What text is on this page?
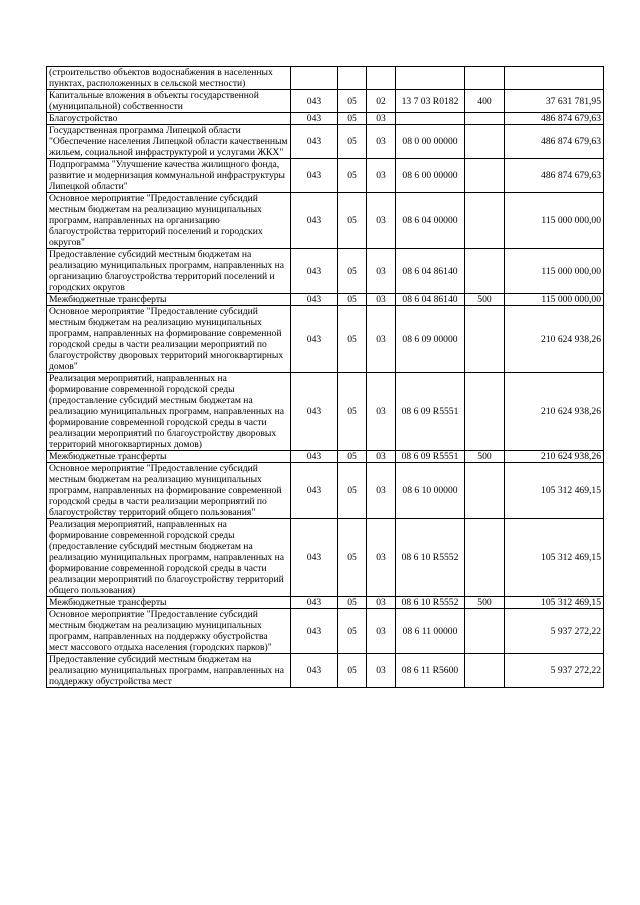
(строительство объектов водоснабжения в населенных пунктах, расположенных в сельской местности)						
Капитальные вложения в объекты государственной (муниципальной) собственности	043	05	02	13 7 03 R0182	400	37 631 781,95
Благоустройство	043	05	03			486 874 679,63
Государственная программа Липецкой области "Обеспечение населения Липецкой области качественным жильем, социальной инфраструктурой и услугами ЖКХ"	043	05	03	08 0 00 00000		486 874 679,63
Подпрограмма "Улучшение качества жилищного фонда, развитие и модернизация коммунальной инфраструктуры Липецкой области"	043	05	03	08 6 00 00000		486 874 679,63
Основное мероприятие "Предоставление субсидий местным бюджетам на реализацию муниципальных программ, направленных на организацию благоустройства территорий поселений и городских округов"	043	05	03	08 6 04 00000		115 000 000,00
Предоставление субсидий местным бюджетам на реализацию муниципальных программ, направленных на организацию благоустройства территорий поселений и городских округов	043	05	03	08 6 04 86140		115 000 000,00
Межбюджетные трансферты	043	05	03	08 6 04 86140	500	115 000 000,00
Основное мероприятие "Предоставление субсидий местным бюджетам на реализацию муниципальных программ, направленных на формирование современной городской среды в части реализации мероприятий по благоустройству дворовых территорий многоквартирных домов"	043	05	03	08 6 09 00000		210 624 938,26
Реализация мероприятий, направленных на формирование современной городской среды (предоставление субсидий местным бюджетам на реализацию муниципальных программ, направленных на формирование современной городской среды в части реализации мероприятий по благоустройству дворовых территорий многоквартирных домов)	043	05	03	08 6 09 R5551		210 624 938,26
Межбюджетные трансферты	043	05	03	08 6 09 R5551	500	210 624 938,26
Основное мероприятие "Предоставление субсидий местным бюджетам на реализацию муниципальных программ, направленных на формирование современной городской среды в части реализации мероприятий по благоустройству территорий общего пользования"	043	05	03	08 6 10 00000		105 312 469,15
Реализация мероприятий, направленных на формирование современной городской среды (предоставление субсидий местным бюджетам на реализацию муниципальных программ, направленных на формирование современной городской среды в части реализации мероприятий по благоустройству территорий общего пользования)	043	05	03	08 6 10 R5552		105 312 469,15
Межбюджетные трансферты	043	05	03	08 6 10 R5552	500	105 312 469,15
Основное мероприятие "Предоставление субсидий местным бюджетам на реализацию муниципальных программ, направленных на поддержку обустройства мест массового отдыха населения (городских парков)"	043	05	03	08 6 11 00000		5 937 272,22
Предоставление субсидий местным бюджетам на реализацию муниципальных программ, направленных на поддержку обустройства мест	043	05	03	08 6 11 R5600		5 937 272,22
